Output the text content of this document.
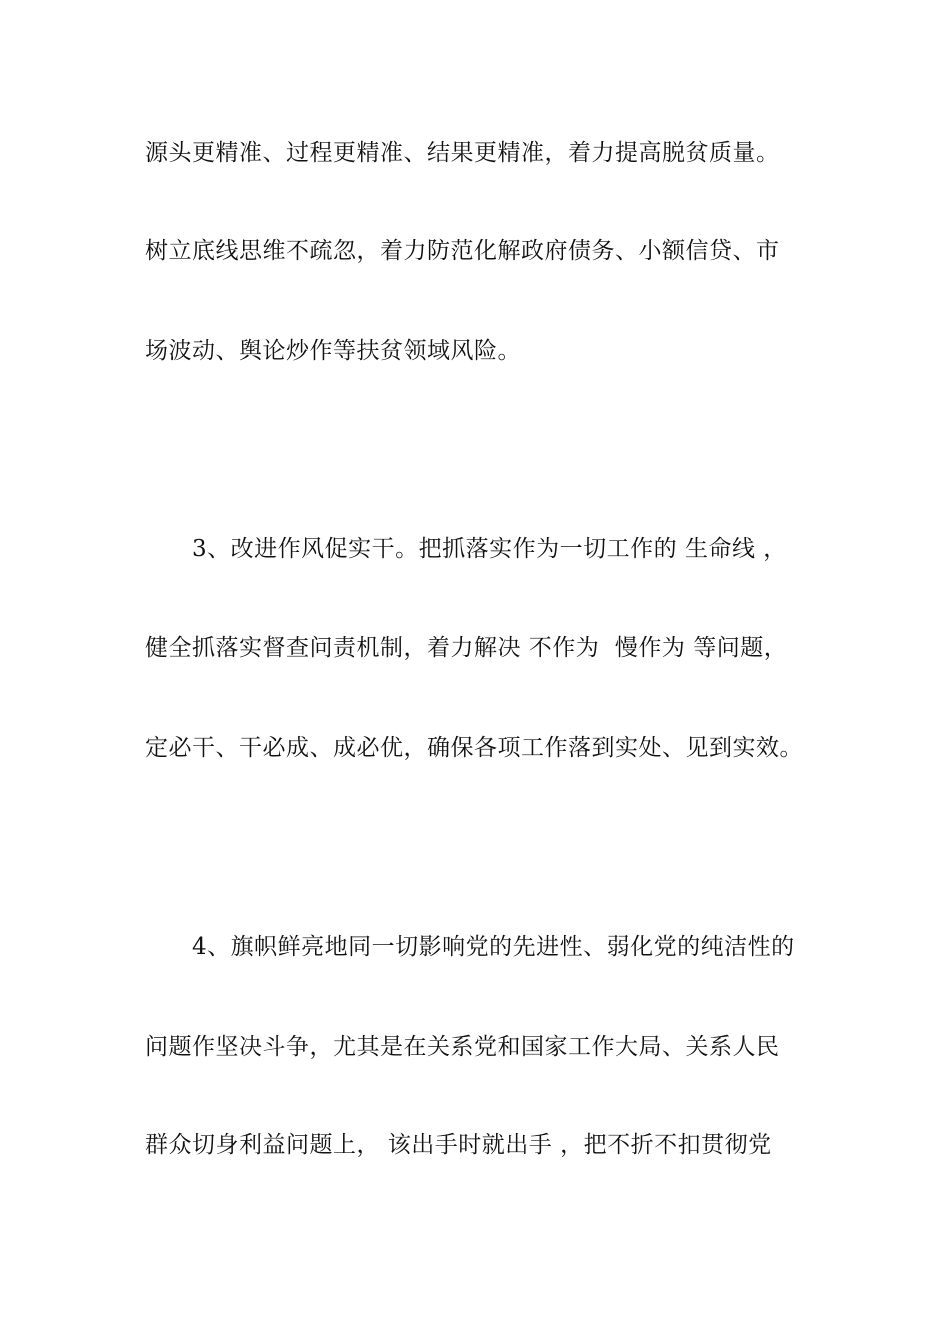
源头更精准、过程更精准、结果更精准，着力提高脱贫质量。
树立底线思维不疏忽，着力防范化解政府债务、小额信贷、市
场波动、舆论炒作等扶贫领域风险。
3、改进作风促实干。把抓落实作为一切工作的 生命线 ，
健全抓落实督查问责机制，着力解决 不作为  慢作为 等问题，
定必干、干必成、成必优，确保各项工作落到实处、见到实效。
4、旗帜鲜亮地同一切影响党的先进性、弱化党的纯洁性的
问题作坚决斗争，尤其是在关系党和国家工作大局、关系人民
群众切身利益问题上， 该出手时就出手 ，把不折不扣贯彻党
